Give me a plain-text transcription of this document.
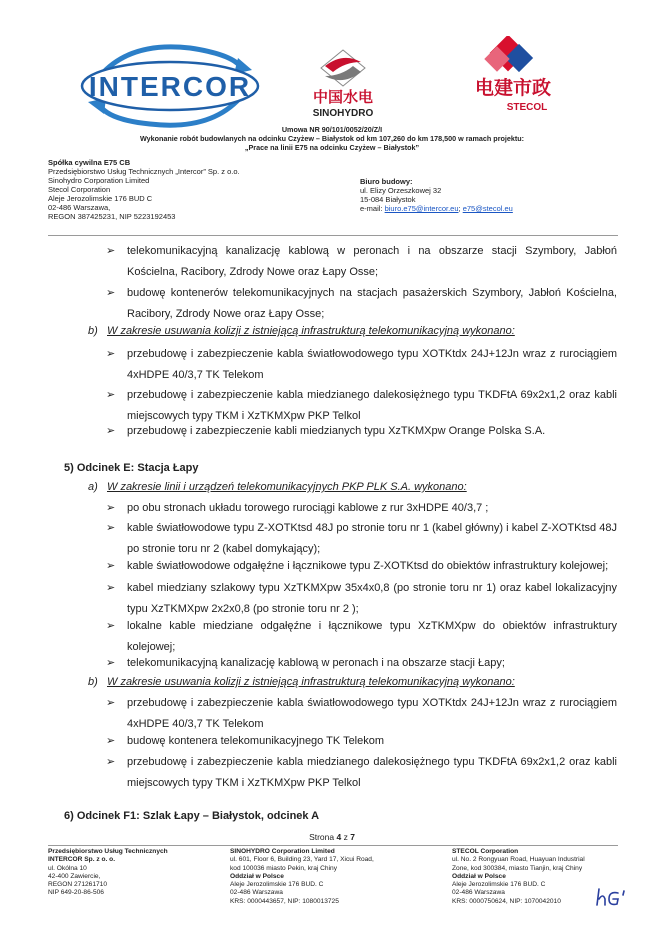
INTERCOR	中国水电
SINOHYDRO
电建市政
STECOL
Umowa NR 90/101/0052/20/Z/I
Wykonanie robót budowlanych na odcinku Czyżew – Białystok od km 107,260 do km 178,500 w ramach projektu:
„Prace na linii E75 na odcinku Czyżew – Białystok”
Spółka cywilna E75 CB
Przedsiębiorstwo Usług Technicznych „Intercor” Sp. z o.o.
Sinohydro Corporation Limited
Stecol Corporation
Aleje Jerozolimskie 176 BUD C
02-486 Warszawa,
REGON 387425231, NIP 5223192453
Biuro budowy:
ul. Elizy Orzeszkowej 32
15-084 Białystok
e-mail: biuro.e75@intercor.eu; e75@stecol.eu
➢ telekomunikacyjną kanalizację kablową w peronach i na obszarze stacji Szymbory, Jabłoń Kościelna, Racibory, Zdrody Nowe oraz Łapy Osse;
➢ budowę kontenerów telekomunikacyjnych na stacjach pasażerskich Szymbory, Jabłoń Kościelna, Racibory, Zdrody Nowe oraz Łapy Osse;
b) W zakresie usuwania kolizji z istniejącą infrastrukturą telekomunikacyjną wykonano:
➢ przebudowę i zabezpieczenie kabla światłowodowego typu XOTKtdx 24J+12Jn wraz z rurociągiem 4xHDPE 40/3,7 TK Telekom
➢ przebudowę i zabezpieczenie kabla miedzianego dalekosiężnego typu TKDFtA 69x2x1,2 oraz kabli miejscowych typy TKM i XzTKMXpw PKP Telkol
➢ przebudowę i zabezpieczenie kabli miedzianych typu XzTKMXpw Orange Polska S.A.
5) Odcinek E: Stacja Łapy
a) W zakresie linii i urządzeń telekomunikacyjnych PKP PLK S.A. wykonano:
➢ po obu stronach układu torowego rurociągi kablowe z rur 3xHDPE 40/3,7 ;
➢ kable światłowodowe typu Z-XOTKtsd 48J po stronie toru nr 1 (kabel główny) i kabel Z-XOTKtsd 48J po stronie toru nr 2 (kabel domykający);
➢ kable światłowodowe odgałęźne i łącznikowe typu Z-XOTKtsd do obiektów infrastruktury kolejowej;
➢ kabel miedziany szlakowy typu XzTKMXpw 35x4x0,8 (po stronie toru nr 1) oraz kabel lokalizacyjny typu XzTKMXpw 2x2x0,8 (po stronie toru nr 2 );
➢ lokalne kable miedziane odgałęźne i łącznikowe typu XzTKMXpw do obiektów infrastruktury kolejowej;
➢ telekomunikacyjną kanalizację kablową w peronach i na obszarze stacji Łapy;
b) W zakresie usuwania kolizji z istniejącą infrastrukturą telekomunikacyjną wykonano:
➢ przebudowę i zabezpieczenie kabla światłowodowego typu XOTKtdx 24J+12Jn wraz z rurociągiem 4xHDPE 40/3,7 TK Telekom
➢ budowę kontenera telekomunikacyjnego TK Telekom
➢ przebudowę i zabezpieczenie kabla miedzianego dalekosiężnego typu TKDFtA 69x2x1,2 oraz kabli miejscowych typy TKM i XzTKMXpw PKP Telkol
6) Odcinek F1: Szlak Łapy – Białystok, odcinek A
Strona 4 z 7
Przedsiębiorstwo Usług Technicznych
INTERCOR Sp. z o. o.
ul. Okólna 10
42-400 Zawiercie,
REGON 271261710
NIP 649-20-86-506
SINOHYDRO Corporation Limited
ul. 601, Floor 6, Building 23, Yard 17, Xicui Road,
kod 100036 miasto Pekin, kraj Chiny
Oddział w Polsce
Aleje Jerozolimskie 176 BUD. C
02-486 Warszawa
KRS: 0000443657, NIP: 1080013725
STECOL Corporation
ul. No. 2 Rongyuan Road, Huayuan Industrial
Zone, kod 300384, miasto Tianjin, kraj Chiny
Oddział w Polsce
Aleje Jerozolimskie 176 BUD. C
02-486 Warszawa
KRS: 0000750624, NIP: 1070042010
